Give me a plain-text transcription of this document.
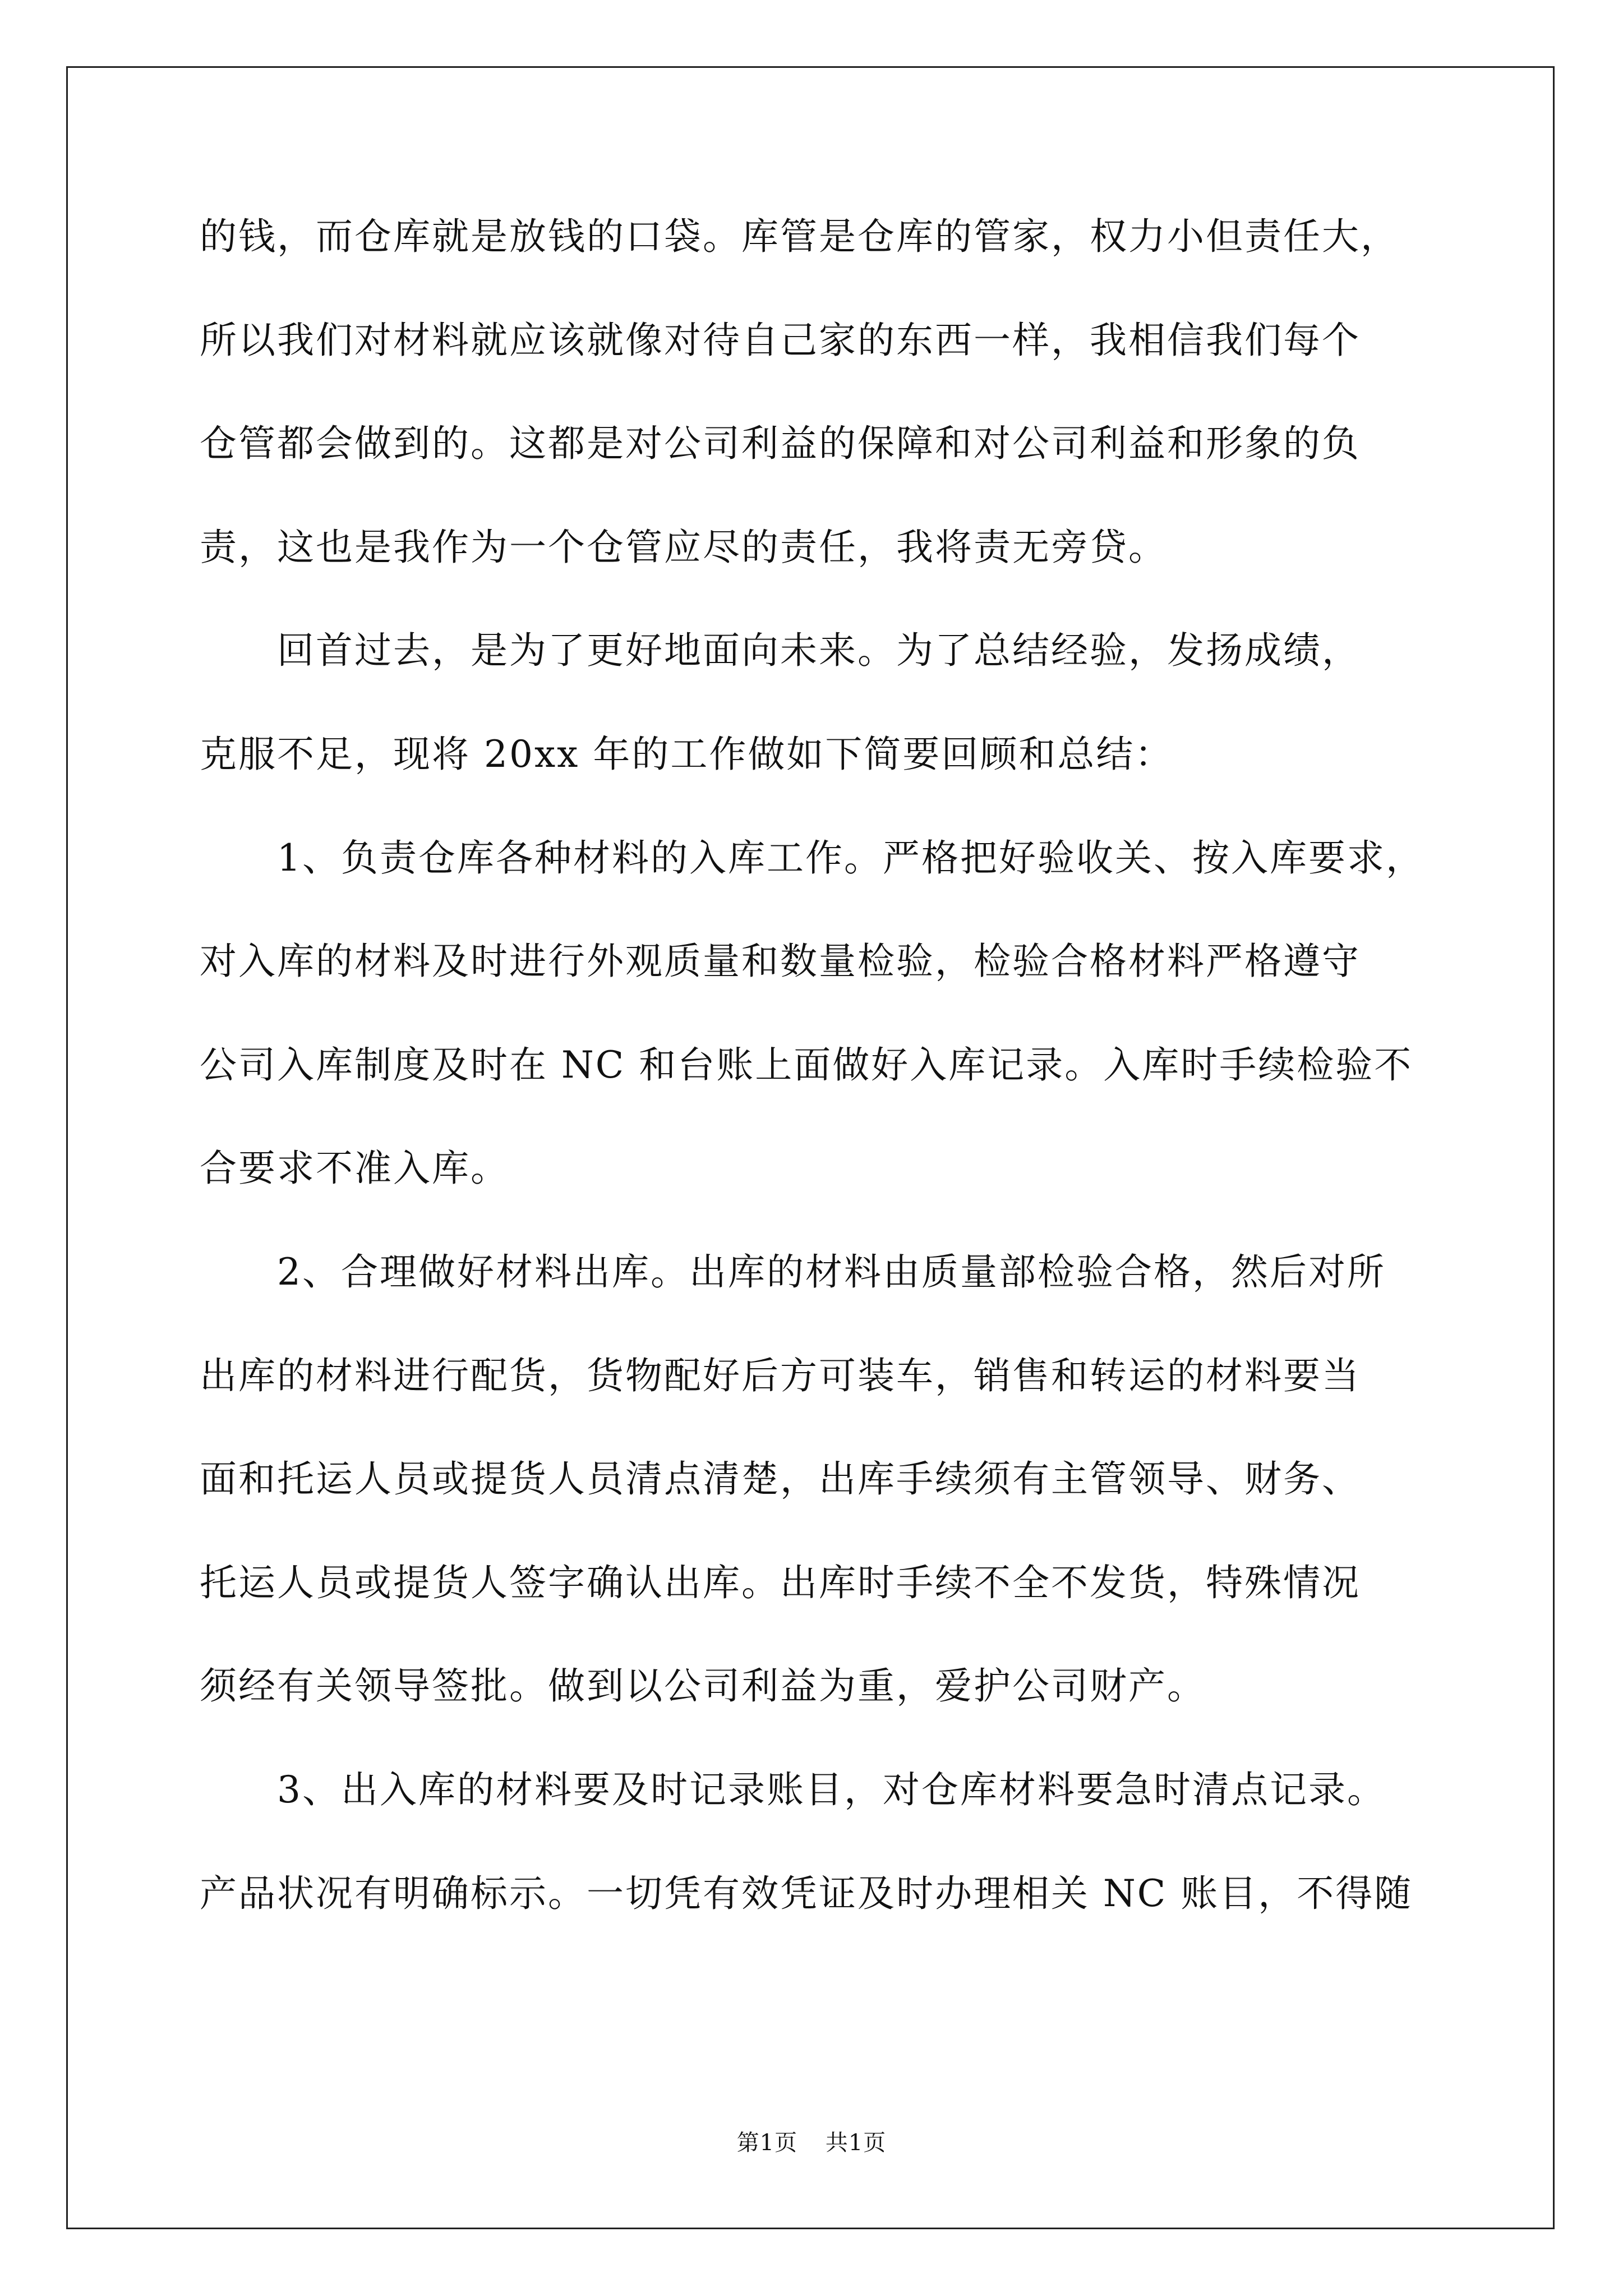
的钱，而仓库就是放钱的口袋。库管是仓库的管家，权力小但责任大，
所以我们对材料就应该就像对待自己家的东西一样，我相信我们每个
仓管都会做到的。这都是对公司利益的保障和对公司利益和形象的负
责，这也是我作为一个仓管应尽的责任，我将责无旁贷。
回首过去，是为了更好地面向未来。为了总结经验，发扬成绩，
克服不足，现将 20xx 年的工作做如下简要回顾和总结：
1、负责仓库各种材料的入库工作。严格把好验收关、按入库要求，
对入库的材料及时进行外观质量和数量检验，检验合格材料严格遵守
公司入库制度及时在 NC 和台账上面做好入库记录。入库时手续检验不
合要求不准入库。
2、合理做好材料出库。出库的材料由质量部检验合格，然后对所
出库的材料进行配货，货物配好后方可装车，销售和转运的材料要当
面和托运人员或提货人员清点清楚，出库手续须有主管领导、财务、
托运人员或提货人签字确认出库。出库时手续不全不发货，特殊情况
须经有关领导签批。做到以公司利益为重，爱护公司财产。
3、出入库的材料要及时记录账目，对仓库材料要急时清点记录。
产品状况有明确标示。一切凭有效凭证及时办理相关 NC 账目，不得随
第1页 共1页
